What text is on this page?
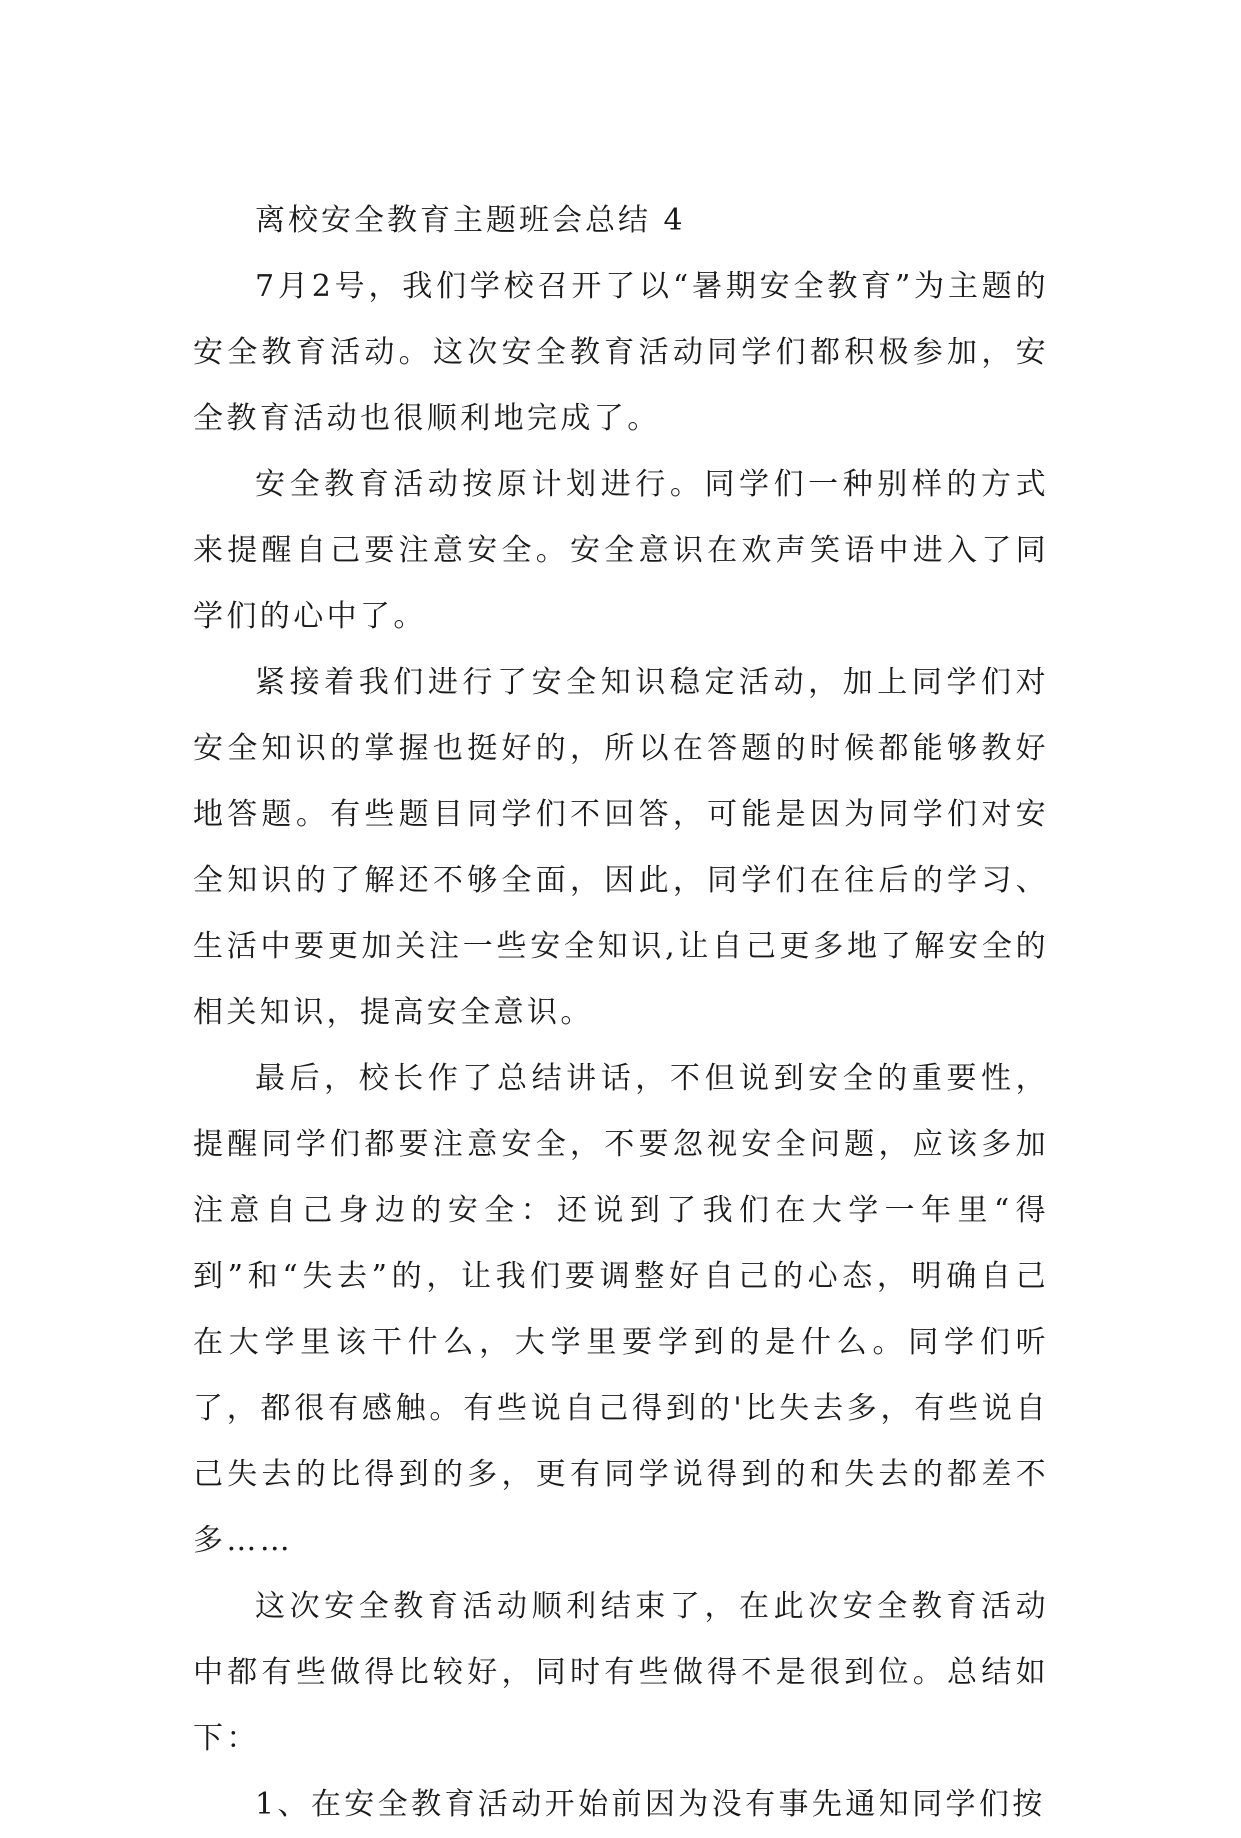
离校安全教育主题班会总结 4

7月2号，我们学校召开了以“暑期安全教育”为主题的安全教育活动。这次安全教育活动同学们都积极参加，安全教育活动也很顺利地完成了。

安全教育活动按原计划进行。同学们一种别样的方式来提醒自己要注意安全。安全意识在欢声笑语中进入了同学们的心中了。

紧接着我们进行了安全知识稳定活动，加上同学们对安全知识的掌握也挺好的，所以在答题的时候都能够教好地答题。有些题目同学们不回答，可能是因为同学们对安全知识的了解还不够全面，因此，同学们在往后的学习、生活中要更加关注一些安全知识,让自己更多地了解安全的相关知识，提高安全意识。

最后，校长作了总结讲话，不但说到安全的重要性，提醒同学们都要注意安全，不要忽视安全问题，应该多加注意自己身边的安全：还说到了我们在大学一年里“得到”和“失去”的，让我们要调整好自己的心态，明确自己在大学里该干什么，大学里要学到的是什么。同学们听了，都很有感触。有些说自己得到的'比失去多，有些说自己失去的比得到的多，更有同学说得到的和失去的都差不多……

这次安全教育活动顺利结束了，在此次安全教育活动中都有些做得比较好，同时有些做得不是很到位。总结如下：

1、在安全教育活动开始前因为没有事先通知同学们按
